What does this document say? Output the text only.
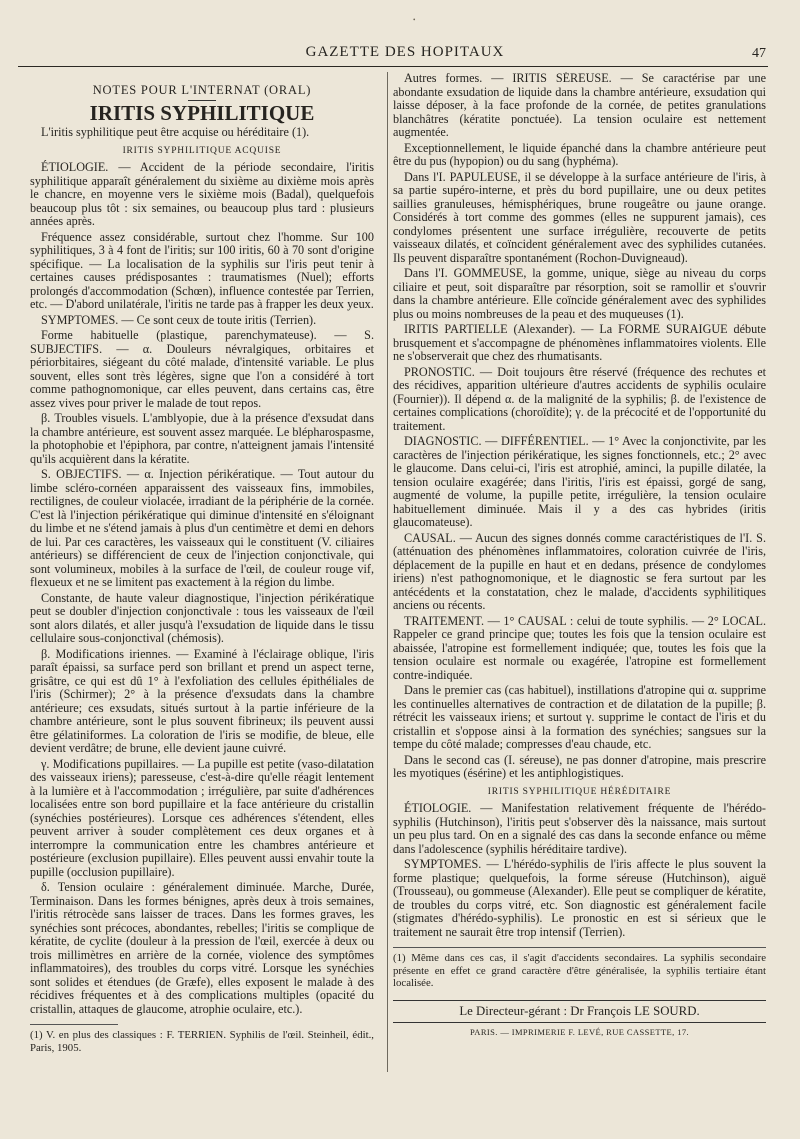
•
GAZETTE DES HOPITAUX	47
NOTES POUR L'INTERNAT (ORAL)
IRITIS SYPHILITIQUE

L'iritis syphilitique peut être acquise ou héréditaire (1).

IRITIS SYPHILITIQUE ACQUISE

ÉTIOLOGIE. — Accident de la période secondaire, l'iritis syphilitique apparaît généralement du sixième au dixième mois après le chancre, en moyenne vers le sixième mois (Badal), quelquefois beaucoup plus tôt : six semaines, ou beaucoup plus tard : plusieurs années après.

Fréquence assez considérable, surtout chez l'homme. Sur 100 syphilitiques, 3 à 4 font de l'iritis; sur 100 iritis, 60 à 70 sont d'origine spécifique. — La localisation de la syphilis sur l'iris peut tenir à certaines causes prédisposantes : traumatismes (Nuel); efforts prolongés d'accommodation (Schœn), influence contestée par Terrien, etc. — D'abord unilatérale, l'iritis ne tarde pas à frapper les deux yeux.

SYMPTOMES. — Ce sont ceux de toute iritis (Terrien).

Forme habituelle (plastique, parenchymateuse). — S. SUBJECTIFS. — α. Douleurs névralgiques, orbitaires et périorbitaires, siégeant du côté malade, d'intensité variable. Le plus souvent, elles sont très légères, signe que l'on a considéré à tort comme pathognomonique, car elles peuvent, dans certains cas, être assez vives pour priver le malade de tout repos.

β. Troubles visuels. L'amblyopie, due à la présence d'exsudat dans la chambre antérieure, est souvent assez marquée. Le blépharospasme, la photophobie et l'épiphora, par contre, n'atteignent jamais l'intensité qu'ils acquièrent dans la kératite.

S. OBJECTIFS. — α. Injection périkératique. — Tout autour du limbe scléro-cornéen apparaissent des vaisseaux fins, immobiles, rectilignes, de couleur violacée, irradiant de la périphérie de la cornée. C'est là l'injection périkératique qui diminue d'intensité en s'éloignant du limbe et ne s'étend jamais à plus d'un centimètre et demi en dehors de lui. Par ces caractères, les vaisseaux qui le constituent (V. ciliaires antérieurs) se différencient de ceux de l'injection conjonctivale, qui sont volumineux, mobiles à la surface de l'œil, de couleur rouge vif, flexueux et ne se limitent pas exactement à la région du limbe.

Constante, de haute valeur diagnostique, l'injection périkératique peut se doubler d'injection conjonctivale : tous les vaisseaux de l'œil sont alors dilatés, et aller jusqu'à l'exsudation de liquide dans le tissu cellulaire sous-conjonctival (chémosis).

β. Modifications iriennes. — Examiné à l'éclairage oblique, l'iris paraît épaissi, sa surface perd son brillant et prend un aspect terne, grisâtre, ce qui est dû 1° à l'exfoliation des cellules épithéliales de l'iris (Schirmer); 2° à la présence d'exsudats dans la chambre antérieure; ces exsudats, situés surtout à la partie inférieure de la chambre antérieure, sont le plus souvent fibrineux; ils peuvent aussi être gélatiniformes. La coloration de l'iris se modifie, de bleue, elle devient verdâtre; de brune, elle devient jaune cuivré.

γ. Modifications pupillaires. — La pupille est petite (vaso-dilatation des vaisseaux iriens); paresseuse, c'est-à-dire qu'elle réagit lentement à la lumière et à l'accommodation ; irrégulière, par suite d'adhérences localisées entre son bord pupillaire et la face antérieure du cristallin (synéchies postérieures). Lorsque ces adhérences s'étendent, elles peuvent arriver à souder complètement ces deux organes et à interrompre la communication entre les chambres antérieure et postérieure (exclusion pupillaire). Elles peuvent aussi envahir toute la pupille (occlusion pupillaire).

δ. Tension oculaire : généralement diminuée. Marche, Durée, Terminaison. Dans les formes bénignes, après deux à trois semaines, l'iritis rétrocède sans laisser de traces. Dans les formes graves, les synéchies sont précoces, abondantes, rebelles; l'iritis se complique de kératite, de cyclite (douleur à la pression de l'œil, exercée à deux ou trois millimètres en arrière de la cornée, violence des symptômes inflammatoires), des troubles du corps vitré. Lorsque les synéchies sont solides et étendues (de Græfe), elles exposent le malade à des récidives fréquentes et à des complications multiples (opacité du cristallin, attaques de glaucome, atrophie oculaire, etc.).

(1) V. en plus des classiques : F. TERRIEN. Syphilis de l'œil. Steinheil, édit., Paris, 1905.

Autres formes. — IRITIS SÉREUSE. — Se caractérise par une abondante exsudation de liquide dans la chambre antérieure, exsudation qui laisse déposer, à la face profonde de la cornée, de petites granulations blanchâtres (kératite ponctuée). La tension oculaire est nettement augmentée.

Exceptionnellement, le liquide épanché dans la chambre antérieure peut être du pus (hypopion) ou du sang (hyphéma).

Dans l'I. PAPULEUSE, il se développe à la surface antérieure de l'iris, à sa partie supéro-interne, et près du bord pupillaire, une ou deux petites saillies granuleuses, hémisphériques, brune rougeâtre ou jaune orange. Considérés à tort comme des gommes (elles ne suppurent jamais), ces condylomes présentent une surface irrégulière, recouverte de petits vaisseaux dilatés, et coïncident généralement avec des syphilides cutanées. Ils peuvent disparaître spontanément (Rochon-Duvigneaud).

Dans l'I. GOMMEUSE, la gomme, unique, siège au niveau du corps ciliaire et peut, soit disparaître par résorption, soit se ramollir et s'ouvrir dans la chambre antérieure. Elle coïncide généralement avec des syphilides plus ou moins nombreuses de la peau et des muqueuses (1).

IRITIS PARTIELLE (Alexander). — La FORME SURAIGUE débute brusquement et s'accompagne de phénomènes inflammatoires violents. Elle ne s'observerait que chez des rhumatisants.

PRONOSTIC. — Doit toujours être réservé (fréquence des rechutes et des récidives, apparition ultérieure d'autres accidents de syphilis oculaire (Fournier)). Il dépend α. de la malignité de la syphilis; β. de l'existence de certaines complications (choroïdite); γ. de la précocité et de l'opportunité du traitement.

DIAGNOSTIC. — DIFFÉRENTIEL. — 1° Avec la conjonctivite, par les caractères de l'injection périkératique, les signes fonctionnels, etc.; 2° avec le glaucome. Dans celui-ci, l'iris est atrophié, aminci, la pupille dilatée, la tension oculaire exagérée; dans l'iritis, l'iris est épaissi, gorgé de sang, augmenté de volume, la pupille petite, irrégulière, la tension oculaire habituellement diminuée. Mais il y a des cas hybrides (iritis glaucomateuse).

CAUSAL. — Aucun des signes donnés comme caractéristiques de l'I. S. (atténuation des phénomènes inflammatoires, coloration cuivrée de l'iris, déplacement de la pupille en haut et en dedans, présence de condylomes iriens) n'est pathognomonique, et le diagnostic se fera surtout par les antécédents et la constatation, chez le malade, d'accidents syphilitiques anciens ou récents.

TRAITEMENT. — 1° CAUSAL : celui de toute syphilis. — 2° LOCAL. Rappeler ce grand principe que; toutes les fois que la tension oculaire est abaissée, l'atropine est formellement indiquée; que, toutes les fois que la tension oculaire est normale ou exagérée, l'atropine est formellement contre-indiquée.

Dans le premier cas (cas habituel), instillations d'atropine qui α. supprime les continuelles alternatives de contraction et de dilatation de la pupille; β. rétrécit les vaisseaux iriens; et surtout γ. supprime le contact de l'iris et du cristallin et s'oppose ainsi à la formation des synéchies; sangsues sur la tempe du côté malade; compresses d'eau chaude, etc.

Dans le second cas (I. séreuse), ne pas donner d'atropine, mais prescrire les myotiques (ésérine) et les antiphlogistiques.

IRITIS SYPHILITIQUE HÉRÉDITAIRE

ÉTIOLOGIE. — Manifestation relativement fréquente de l'hérédo-syphilis (Hutchinson), l'iritis peut s'observer dès la naissance, mais surtout un peu plus tard. On en a signalé des cas dans la seconde enfance ou même dans l'adolescence (syphilis héréditaire tardive).

SYMPTOMES. — L'hérédo-syphilis de l'iris affecte le plus souvent la forme plastique; quelquefois, la forme séreuse (Hutchinson), aiguë (Trousseau), ou gommeuse (Alexander). Elle peut se compliquer de kératite, de troubles du corps vitré, etc. Son diagnostic est généralement facile (stigmates d'hérédo-syphilis). Le pronostic en est si sérieux que le traitement ne saurait être trop intensif (Terrien).

(1) Même dans ces cas, il s'agit d'accidents secondaires. La syphilis secondaire présente en effet ce grand caractère d'être généralisée, la syphilis tertiaire étant localisée.
Le Directeur-gérant : Dr François LE SOURD.
PARIS. — IMPRIMERIE F. LEVÉ, RUE CASSETTE, 17.
